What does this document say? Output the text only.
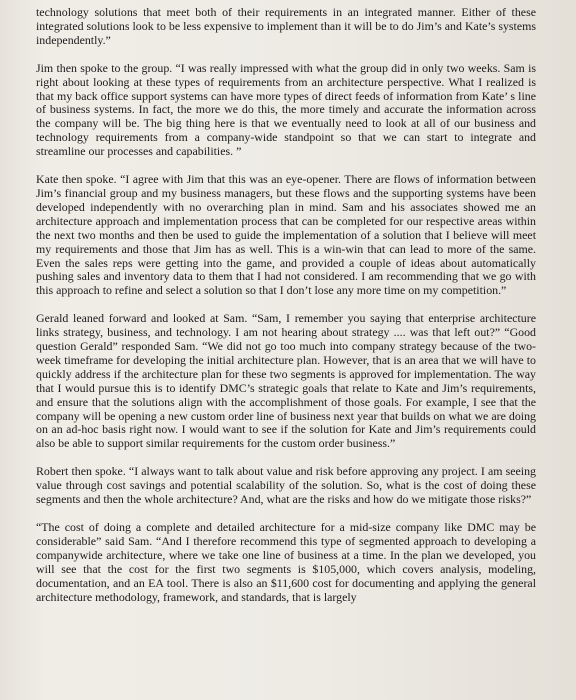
technology solutions that meet both of their requirements in an integrated manner. Either of these integrated solutions look to be less expensive to implement than it will be to do Jim’s and Kate’s systems independently.”

Jim then spoke to the group. “I was really impressed with what the group did in only two weeks. Sam is right about looking at these types of requirements from an architecture perspective. What I realized is that my back office support systems can have more types of direct feeds of information from Kate’ s line of business systems. In fact, the more we do this, the more timely and accurate the information across the company will be. The big thing here is that we eventually need to look at all of our business and technology requirements from a company-wide standpoint so that we can start to integrate and streamline our processes and capabilities. ”

Kate then spoke. “I agree with Jim that this was an eye-opener. There are flows of information between Jim’s financial group and my business managers, but these flows and the supporting systems have been developed independently with no overarching plan in mind. Sam and his associates showed me an architecture approach and implementation process that can be completed for our respective areas within the next two months and then be used to guide the implementation of a solution that I believe will meet my requirements and those that Jim has as well. This is a win-win that can lead to more of the same. Even the sales reps were getting into the game, and provided a couple of ideas about automatically pushing sales and inventory data to them that I had not considered. I am recommending that we go with this approach to refine and select a solution so that I don’t lose any more time on my competition.”

Gerald leaned forward and looked at Sam. “Sam, I remember you saying that enterprise architecture links strategy, business, and technology. I am not hearing about strategy .... was that left out?” “Good question Gerald” responded Sam. “We did not go too much into company strategy because of the two-week timeframe for developing the initial architecture plan. However, that is an area that we will have to quickly address if the architecture plan for these two segments is approved for implementation. The way that I would pursue this is to identify DMC’s strategic goals that relate to Kate and Jim’s requirements, and ensure that the solutions align with the accomplishment of those goals. For example, I see that the company will be opening a new custom order line of business next year that builds on what we are doing on an ad-hoc basis right now. I would want to see if the solution for Kate and Jim’s requirements could also be able to support similar requirements for the custom order business.”

Robert then spoke. “I always want to talk about value and risk before approving any project. I am seeing value through cost savings and potential scalability of the solution. So, what is the cost of doing these segments and then the whole architecture? And, what are the risks and how do we mitigate those risks?”

“The cost of doing a complete and detailed architecture for a mid-size company like DMC may be considerable” said Sam. “And I therefore recommend this type of segmented approach to developing a companywide architecture, where we take one line of business at a time. In the plan we developed, you will see that the cost for the first two segments is $105,000, which covers analysis, modeling, documentation, and an EA tool. There is also an $11,600 cost for documenting and applying the general architecture methodology, framework, and standards, that is largely
